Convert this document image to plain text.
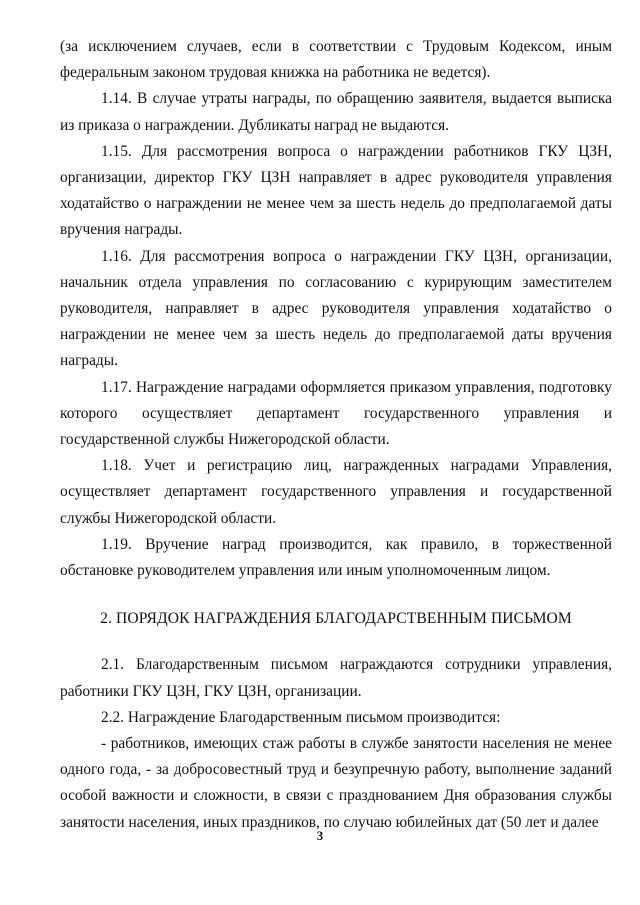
(за исключением случаев, если в соответствии с Трудовым Кодексом, иным федеральным законом трудовая книжка на работника не ведется).

1.14. В случае утраты награды, по обращению заявителя, выдается выписка из приказа о награждении. Дубликаты наград не выдаются.

1.15. Для рассмотрения вопроса о награждении работников ГКУ ЦЗН, организации, директор ГКУ ЦЗН направляет в адрес руководителя управления ходатайство о награждении не менее чем за шесть недель до предполагаемой даты вручения награды.

1.16. Для рассмотрения вопроса о награждении ГКУ ЦЗН, организации, начальник отдела управления по согласованию с курирующим заместителем руководителя, направляет в адрес руководителя управления ходатайство о награждении не менее чем за шесть недель до предполагаемой даты вручения награды.

1.17. Награждение наградами оформляется приказом управления, подготовку которого осуществляет департамент государственного управления и государственной службы Нижегородской области.

1.18. Учет и регистрацию лиц, награжденных наградами Управления, осуществляет департамент государственного управления и государственной службы Нижегородской области.

1.19. Вручение наград производится, как правило, в торжественной обстановке руководителем управления или иным уполномоченным лицом.

2. ПОРЯДОК НАГРАЖДЕНИЯ БЛАГОДАРСТВЕННЫМ ПИСЬМОМ

2.1. Благодарственным письмом награждаются сотрудники управления, работники ГКУ ЦЗН, ГКУ ЦЗН, организации.

2.2. Награждение Благодарственным письмом производится:

- работников, имеющих стаж работы в службе занятости населения не менее одного года, - за добросовестный труд и безупречную работу, выполнение заданий особой важности и сложности, в связи с празднованием Дня образования службы занятости населения, иных праздников, по случаю юбилейных дат (50 лет и далее

3
